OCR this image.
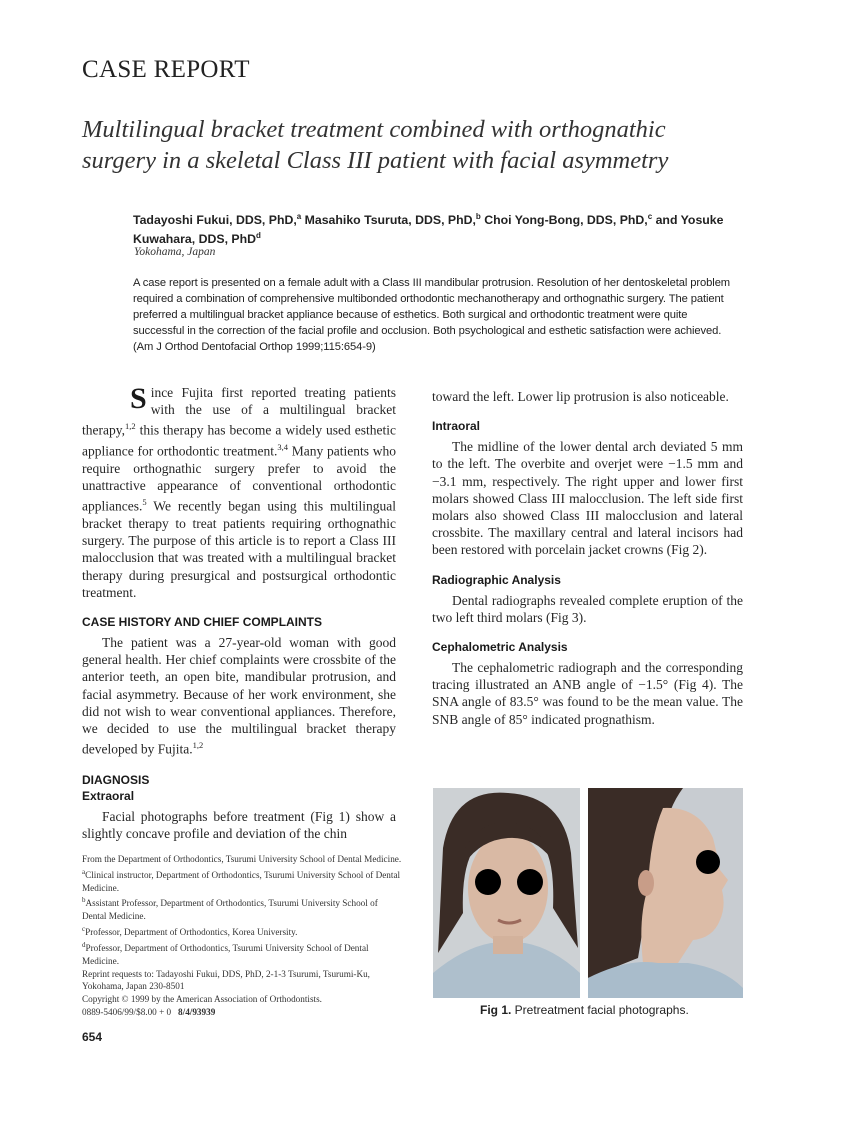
CASE REPORT
Multilingual bracket treatment combined with orthognathic
surgery in a skeletal Class III patient with facial asymmetry
Tadayoshi Fukui, DDS, PhD,$^a$ Masahiko Tsuruta, DDS, PhD,$^b$ Choi Yong-Bong, DDS, PhD,$^c$ and Yosuke Kuwahara, DDS, PhD$^d$
Yokohama, Japan
A case report is presented on a female adult with a Class III mandibular protrusion. Resolution of her dentoskeletal problem required a combination of comprehensive multibonded orthodontic mechanotherapy and orthognathic surgery. The patient preferred a multilingual bracket appliance because of esthetics. Both surgical and orthodontic treatment were quite successful in the correction of the facial profile and occlusion. Both psychological and esthetic satisfaction were achieved. (Am J Orthod Dentofacial Orthop 1999;115:654-9)

Since Fujita first reported treating patients with the use of a multilingual bracket therapy,$^{1,2}$ this therapy has become a widely used esthetic appliance for orthodontic treatment.$^{3,4}$ Many patients who require orthognathic surgery prefer to avoid the unattractive appearance of conventional orthodontic appliances.$^5$ We recently began using this multilingual bracket therapy to treat patients requiring orthognathic surgery. The purpose of this article is to report a Class III malocclusion that was treated with a multilingual bracket therapy during presurgical and postsurgical orthodontic treatment.

CASE HISTORY AND CHIEF COMPLAINTS

The patient was a 27-year-old woman with good general health. Her chief complaints were crossbite of the anterior teeth, an open bite, mandibular protrusion, and facial asymmetry. Because of her work environment, she did not wish to wear conventional appliances. Therefore, we decided to use the multilingual bracket therapy developed by Fujita.$^{1,2}$

DIAGNOSIS

Extraoral

Facial photographs before treatment (Fig 1) show a slightly concave profile and deviation of the chin

toward the left. Lower lip protrusion is also noticeable.

Intraoral

The midline of the lower dental arch deviated 5 mm to the left. The overbite and overjet were −1.5 mm and −3.1 mm, respectively. The right upper and lower first molars showed Class III malocclusion. The left side first molars also showed Class III malocclusion and lateral crossbite. The maxillary central and lateral incisors had been restored with porcelain jacket crowns (Fig 2).

Radiographic Analysis

Dental radiographs revealed complete eruption of the two left third molars (Fig 3).

Cephalometric Analysis

The cephalometric radiograph and the corresponding tracing illustrated an ANB angle of −1.5° (Fig 4). The SNA angle of 83.5° was found to be the mean value. The SNB angle of 85° indicated prognathism.

Fig 1. Pretreatment facial photographs.

From the Department of Orthodontics, Tsurumi University School of Dental Medicine.

$^a$Clinical instructor, Department of Orthodontics, Tsurumi University School of Dental Medicine.

$^b$Assistant Professor, Department of Orthodontics, Tsurumi University School of Dental Medicine.

$^c$Professor, Department of Orthodontics, Korea University.

$^d$Professor, Department of Orthodontics, Tsurumi University School of Dental Medicine.

Reprint requests to: Tadayoshi Fukui, DDS, PhD, 2-1-3 Tsurumi, Tsurumi-Ku, Yokohama, Japan 230-8501

Copyright © 1999 by the American Association of Orthodontists.

0889-5406/99/$8.00 + 0 8/4/93939

654
